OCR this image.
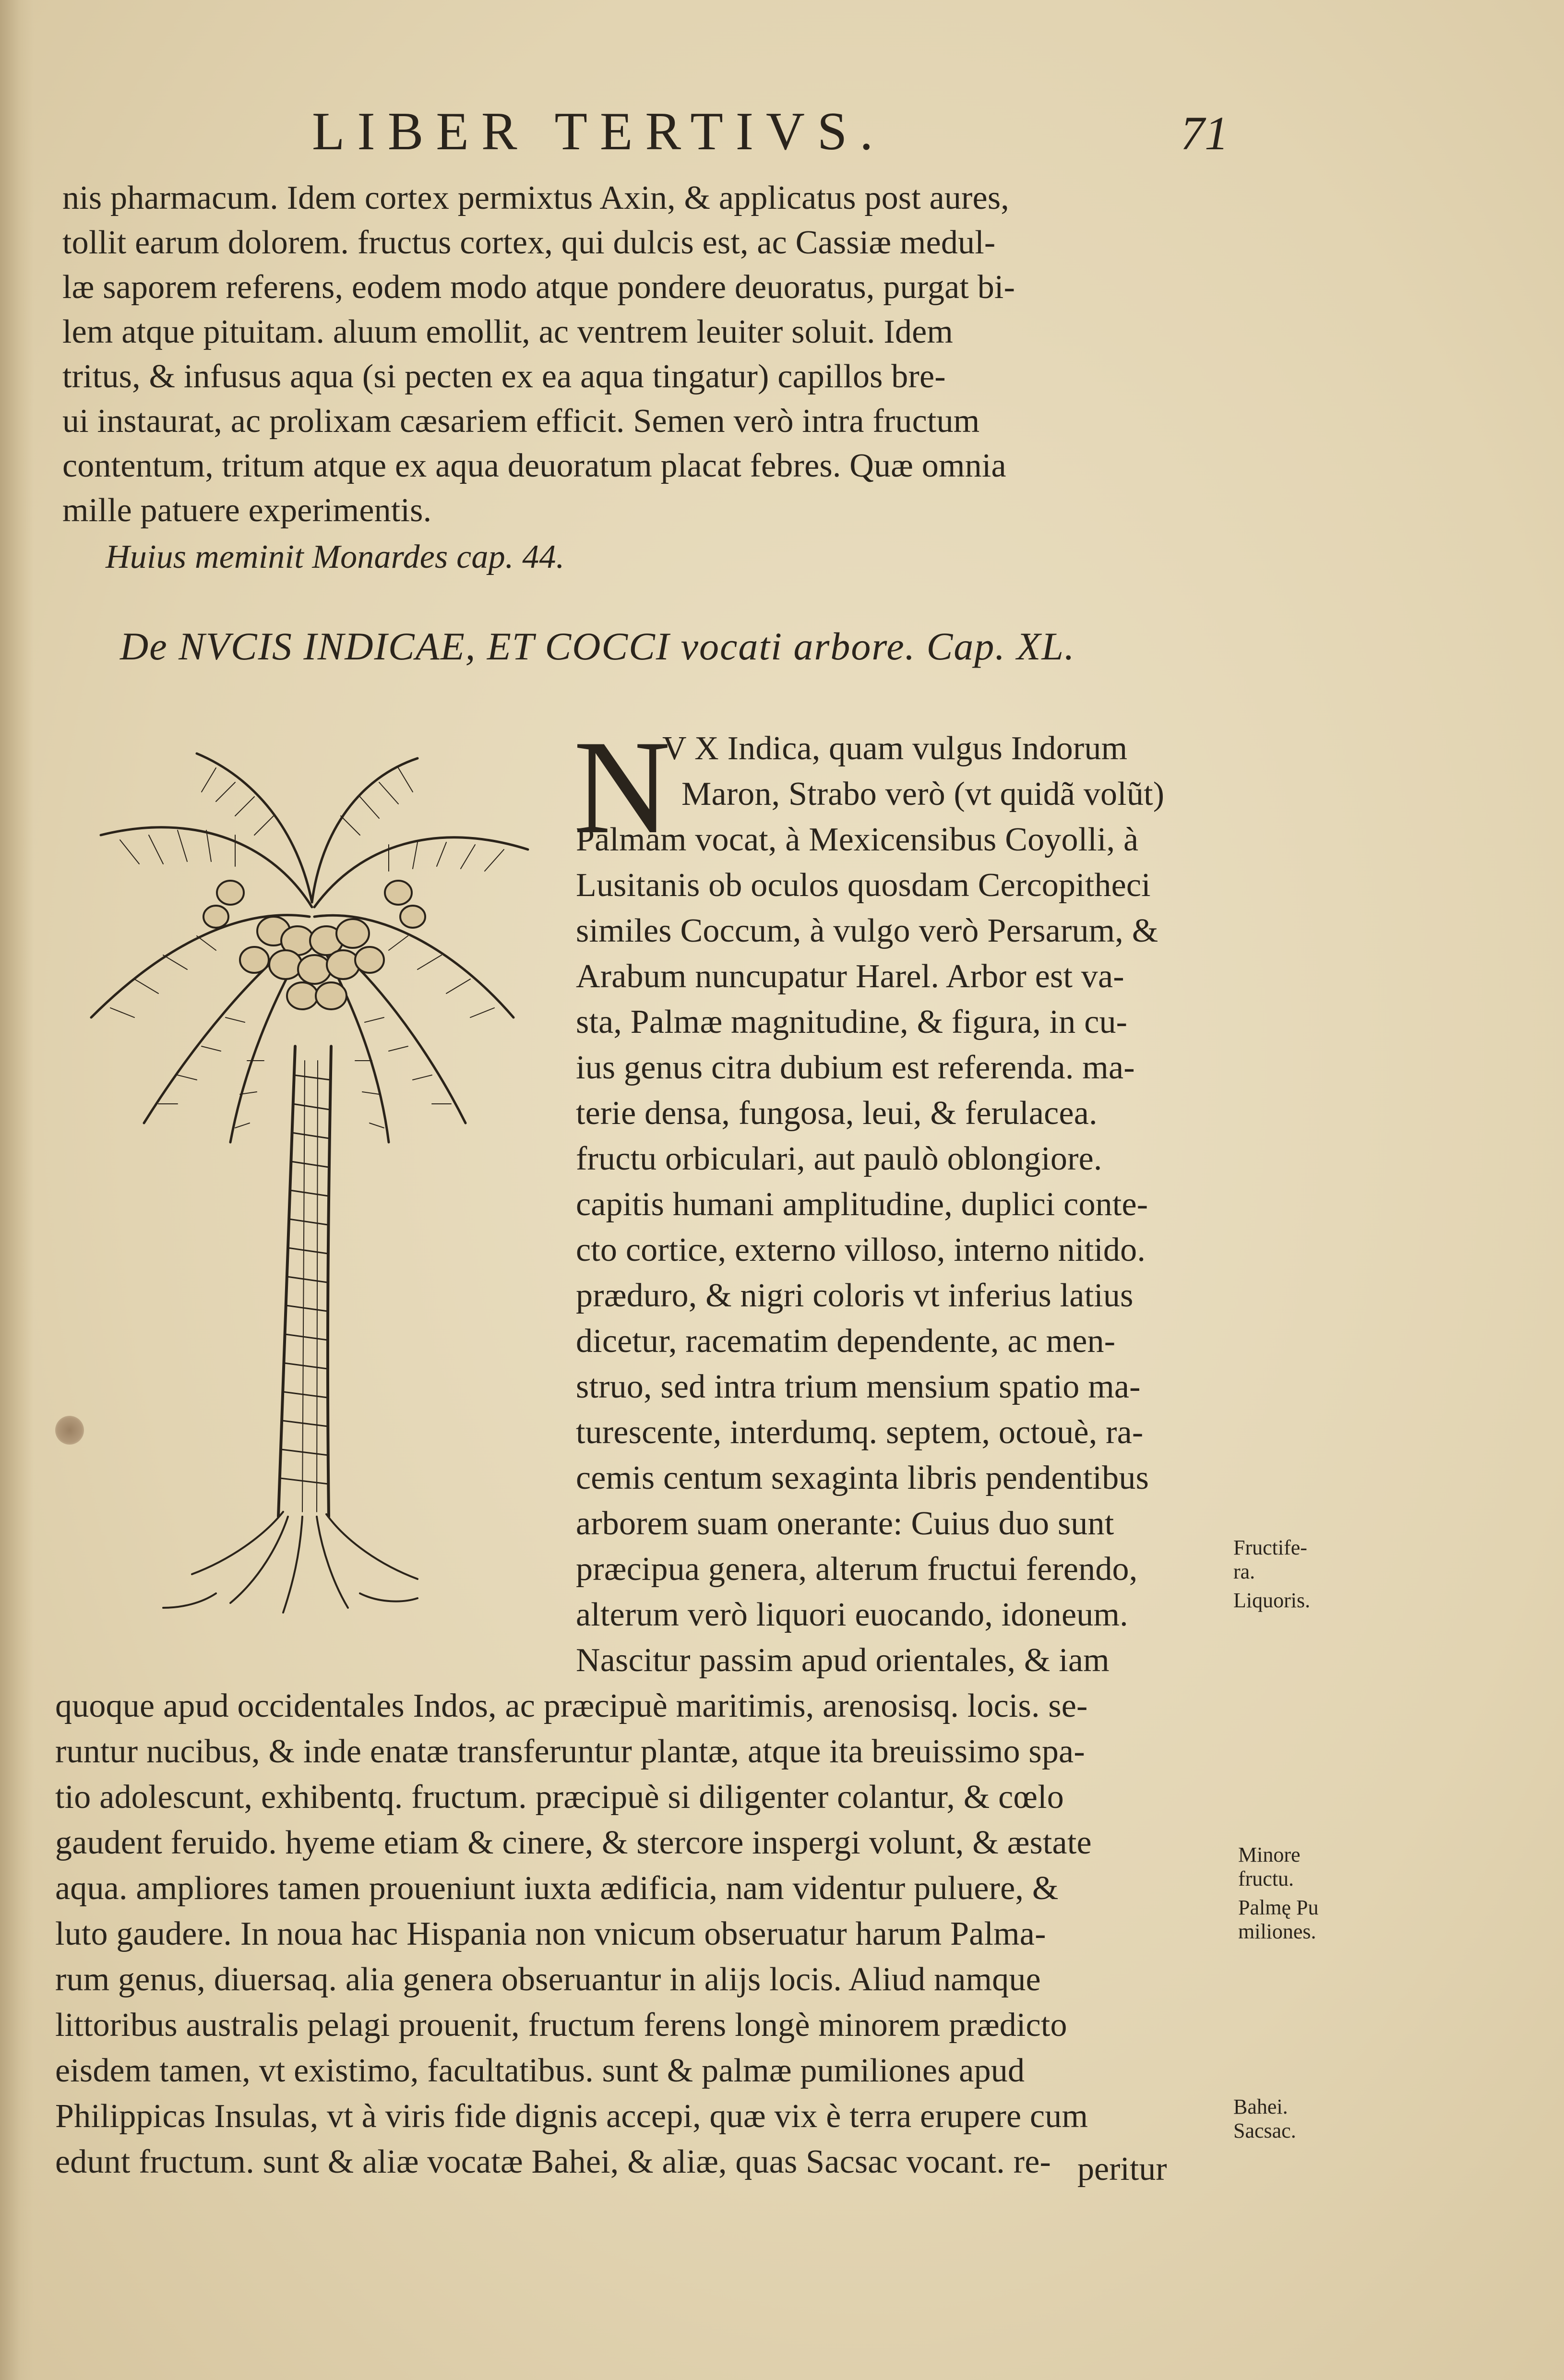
LIBER TERTIVS.	71
nis pharmacum. Idem cortex permixtus Axin, & applicatus post aures,
tollit earum dolorem. fructus cortex, qui dulcis est, ac Cassiæ medul-
læ saporem referens, eodem modo atque pondere deuoratus, purgat bi-
lem atque pituitam. aluum emollit, ac ventrem leuiter soluit. Idem
tritus, & infusus aqua (si pecten ex ea aqua tingatur) capillos bre-
ui instaurat, ac prolixam cæsariem efficit. Semen verò intra fructum
contentum, tritum atque ex aqua deuoratum placat febres. Quæ omnia
mille patuere experimentis.
Huius meminit Monardes cap. 44.
De NVCIS INDICAE, ET COCCI vocati arbore. Cap. XL.
N
V X Indica, quam vulgus Indorum
Maron, Strabo verò (vt quidã volũt)
Palmam vocat, à Mexicensibus Coyolli, à
Lusitanis ob oculos quosdam Cercopitheci
similes Coccum, à vulgo verò Persarum, &
Arabum nuncupatur Harel. Arbor est va-
sta, Palmæ magnitudine, & figura, in cu-
ius genus citra dubium est referenda. ma-
terie densa, fungosa, leui, & ferulacea.
fructu orbiculari, aut paulò oblongiore.
capitis humani amplitudine, duplici conte-
cto cortice, externo villoso, interno nitido.
præduro, & nigri coloris vt inferius latius
dicetur, racematim dependente, ac men-
struo, sed intra trium mensium spatio ma-
turescente, interdumq. septem, octouè, ra-
cemis centum sexaginta libris pendentibus
arborem suam onerante: Cuius duo sunt
præcipua genera, alterum fructui ferendo,
alterum verò liquori euocando, idoneum.
Nascitur passim apud orientales, & iam
quoque apud occidentales Indos, ac præcipuè maritimis, arenosisq. locis. se-
runtur nucibus, & inde enatæ transferuntur plantæ, atque ita breuissimo spa-
tio adolescunt, exhibentq. fructum. præcipuè si diligenter colantur, & cœlo
gaudent feruido. hyeme etiam & cinere, & stercore inspergi volunt, & æstate
aqua. ampliores tamen proueniunt iuxta ædificia, nam videntur puluere, &
luto gaudere. In noua hac Hispania non vnicum obseruatur harum Palma-
rum genus, diuersaq. alia genera obseruantur in alijs locis. Aliud namque
littoribus australis pelagi prouenit, fructum ferens longè minorem prædicto
eisdem tamen, vt existimo, facultatibus. sunt & palmæ pumiliones apud
Philippicas Insulas, vt à viris fide dignis accepi, quæ vix è terra erupere cum
edunt fructum. sunt & aliæ vocatæ Bahei, & aliæ, quas Sacsac vocant. re- peritur
Fructife-
ra.
Liquoris.
Minore
fructu.
Palmę Pu
miliones.
Bahei.
Sacsac.
